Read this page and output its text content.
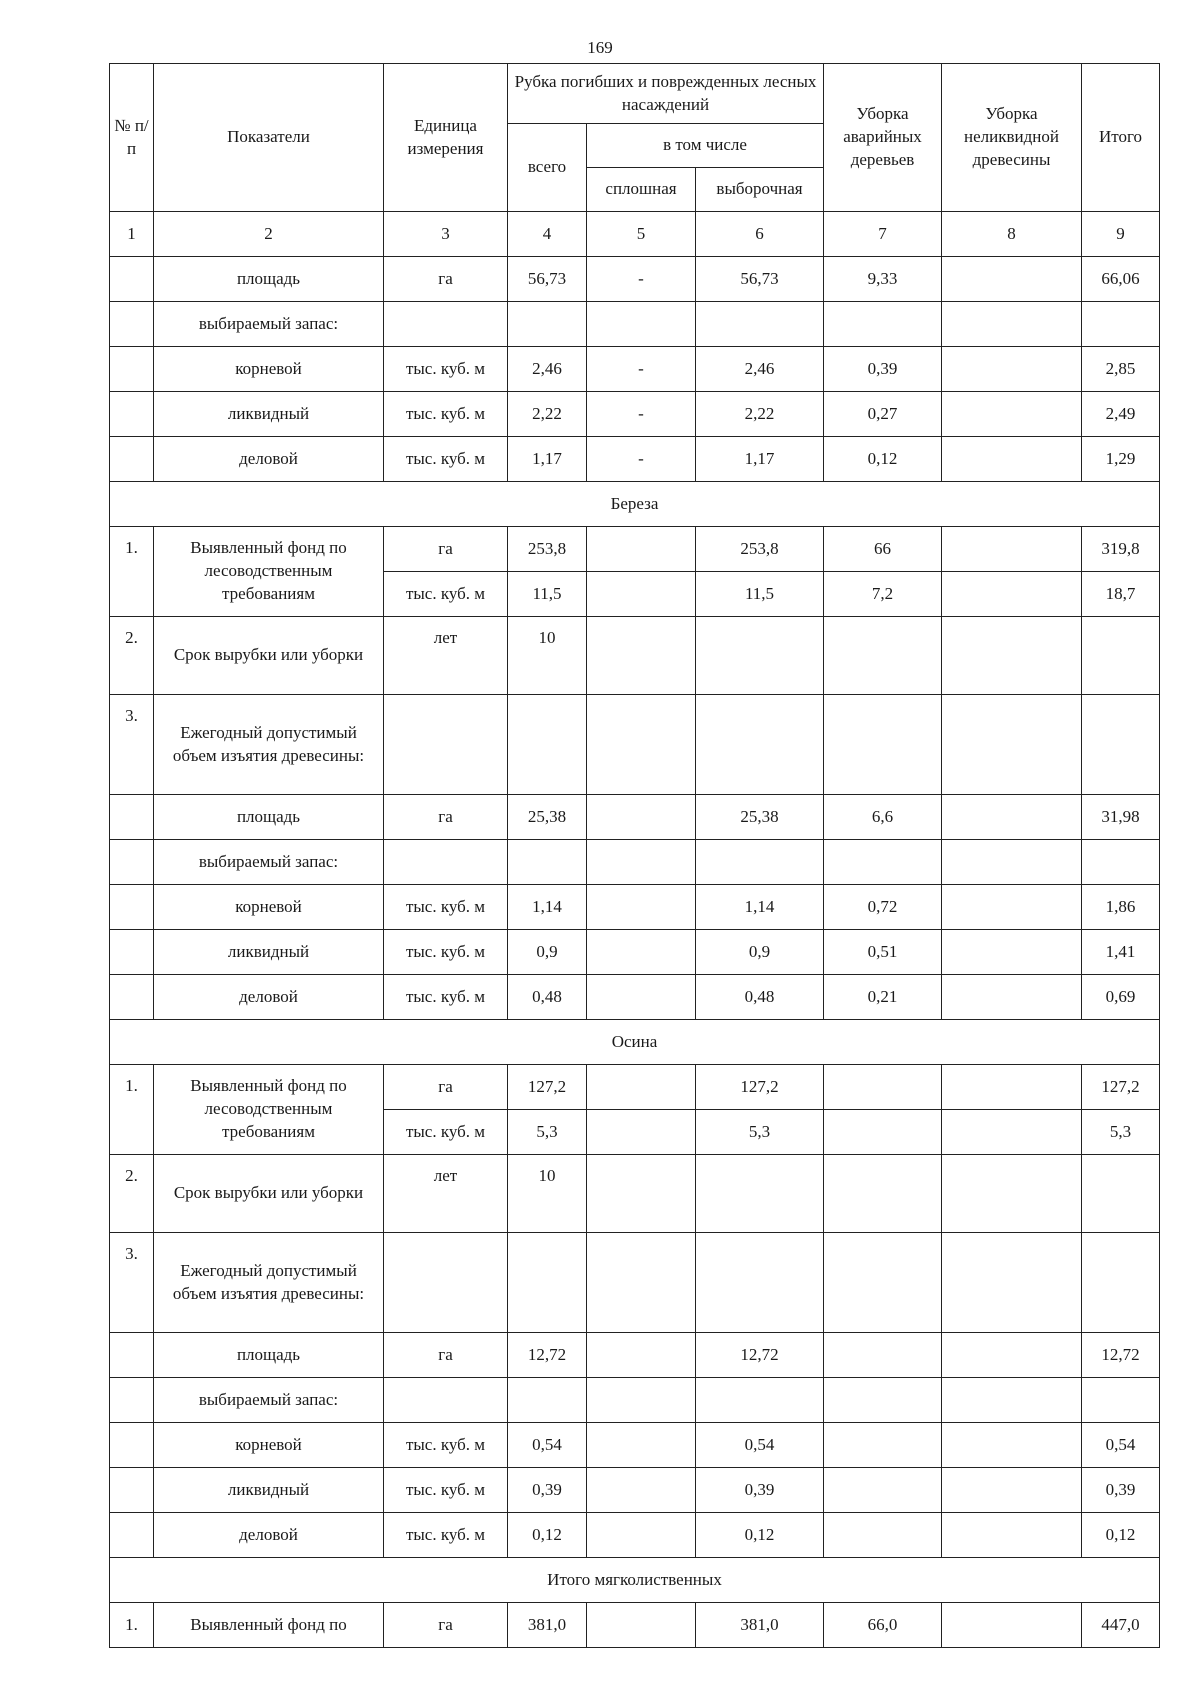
169
№ п/п	Показатели	Единица измерения	Рубка погибших и поврежденных лесных насаждений			Уборка аварийных деревьев	Уборка неликвидной древесины	Итого
			всего	в том числе				
				сплошная	выборочная			
1	2	3	4	5	6	7	8	9
	площадь	га	56,73	-	56,73	9,33		66,06
	выбираемый запас:							
	корневой	тыс. куб. м	2,46	-	2,46	0,39		2,85
	ликвидный	тыс. куб. м	2,22	-	2,22	0,27		2,49
	деловой	тыс. куб. м	1,17	-	1,17	0,12		1,29
Береза								
1.	Выявленный фонд по лесоводственным требованиям	га	253,8		253,8	66		319,8
		тыс. куб. м	11,5		11,5	7,2		18,7
2.	Срок вырубки или уборки	лет	10					
3.	Ежегодный допустимый объем изъятия древесины:							
	площадь	га	25,38		25,38	6,6		31,98
	выбираемый запас:							
	корневой	тыс. куб. м	1,14		1,14	0,72		1,86
	ликвидный	тыс. куб. м	0,9		0,9	0,51		1,41
	деловой	тыс. куб. м	0,48		0,48	0,21		0,69
Осина								
1.	Выявленный фонд по лесоводственным требованиям	га	127,2		127,2			127,2
		тыс. куб. м	5,3		5,3			5,3
2.	Срок вырубки или уборки	лет	10					
3.	Ежегодный допустимый объем изъятия древесины:							
	площадь	га	12,72		12,72			12,72
	выбираемый запас:							
	корневой	тыс. куб. м	0,54		0,54			0,54
	ликвидный	тыс. куб. м	0,39		0,39			0,39
	деловой	тыс. куб. м	0,12		0,12			0,12
Итого мягколиственных								
1.	Выявленный фонд по	га	381,0		381,0	66,0		447,0
